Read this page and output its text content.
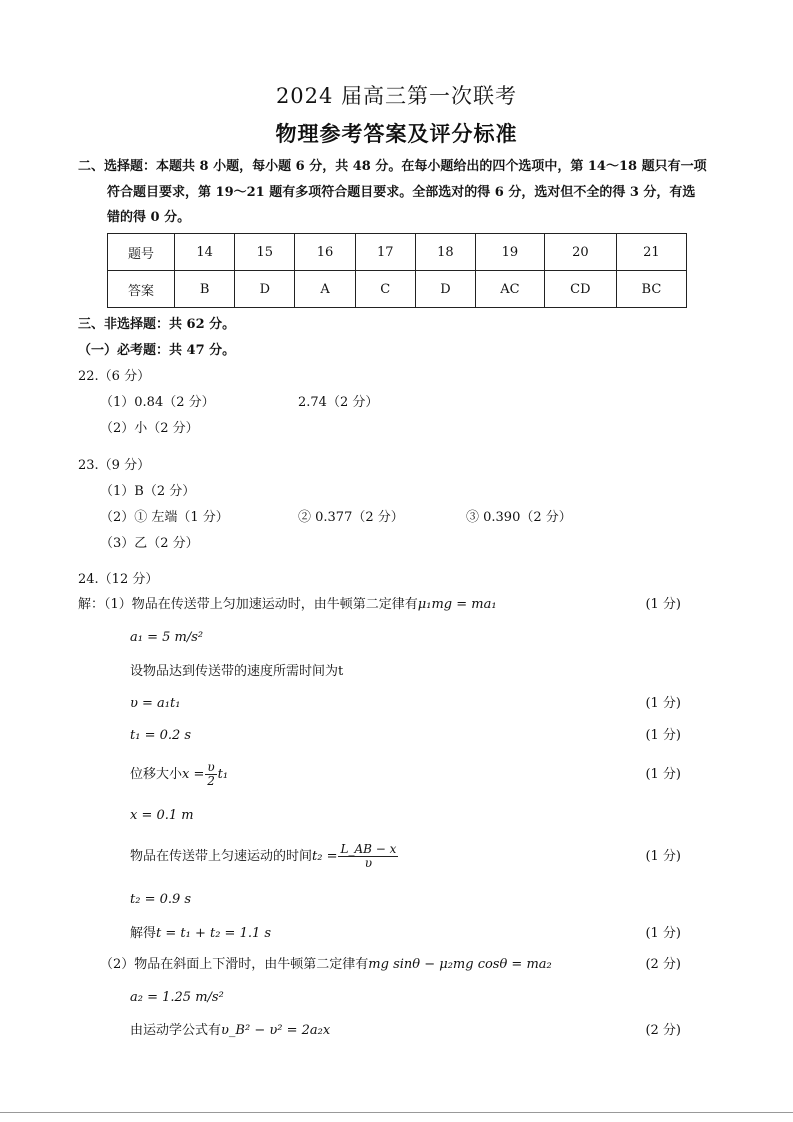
2024 届高三第一次联考
物理参考答案及评分标准
二、选择题：本题共 8 小题，每小题 6 分，共 48 分。在每小题给出的四个选项中，第 14～18 题只有一项
符合题目要求，第 19～21 题有多项符合题目要求。全部选对的得 6 分，选对但不全的得 3 分，有选
错的得 0 分。
题号	14	15	16	17	18	19	20	21
答案	B	D	A	C	D	AC	CD	BC
三、非选择题：共 62 分。
（一）必考题：共 47 分。
22.（6 分）
（1）0.84（2 分）	2.74（2 分）
（2）小（2 分）
23.（9 分）
（1）B（2 分）
（2）① 左端（1 分）	② 0.377（2 分）	③ 0.390（2 分）
（3）乙（2 分）
24.（12 分）
解：（1）物品在传送带上匀加速运动时，由牛顿第二定律有μ₁mg = ma₁	(1 分)
a₁ = 5 m/s²
设物品达到传送带的速度所需时间为t
υ = a₁t₁	(1 分)
t₁ = 0.2 s	(1 分)
位移大小$x = \frac{\upsilon}{2} t_1$	(1 分)
x = 0.1 m
物品在传送带上匀速运动的时间$t_2 = \frac{L\_AB - x}{\upsilon}$	(1 分)
t₂ = 0.9 s
解得t = t₁ + t₂ = 1.1 s	(1 分)
（2）物品在斜面上下滑时，由牛顿第二定律有mg sinθ − μ₂mg cosθ = ma₂	(2 分)
a₂ = 1.25 m/s²
由运动学公式有υ_B² − υ² = 2a₂x	(2 分)
